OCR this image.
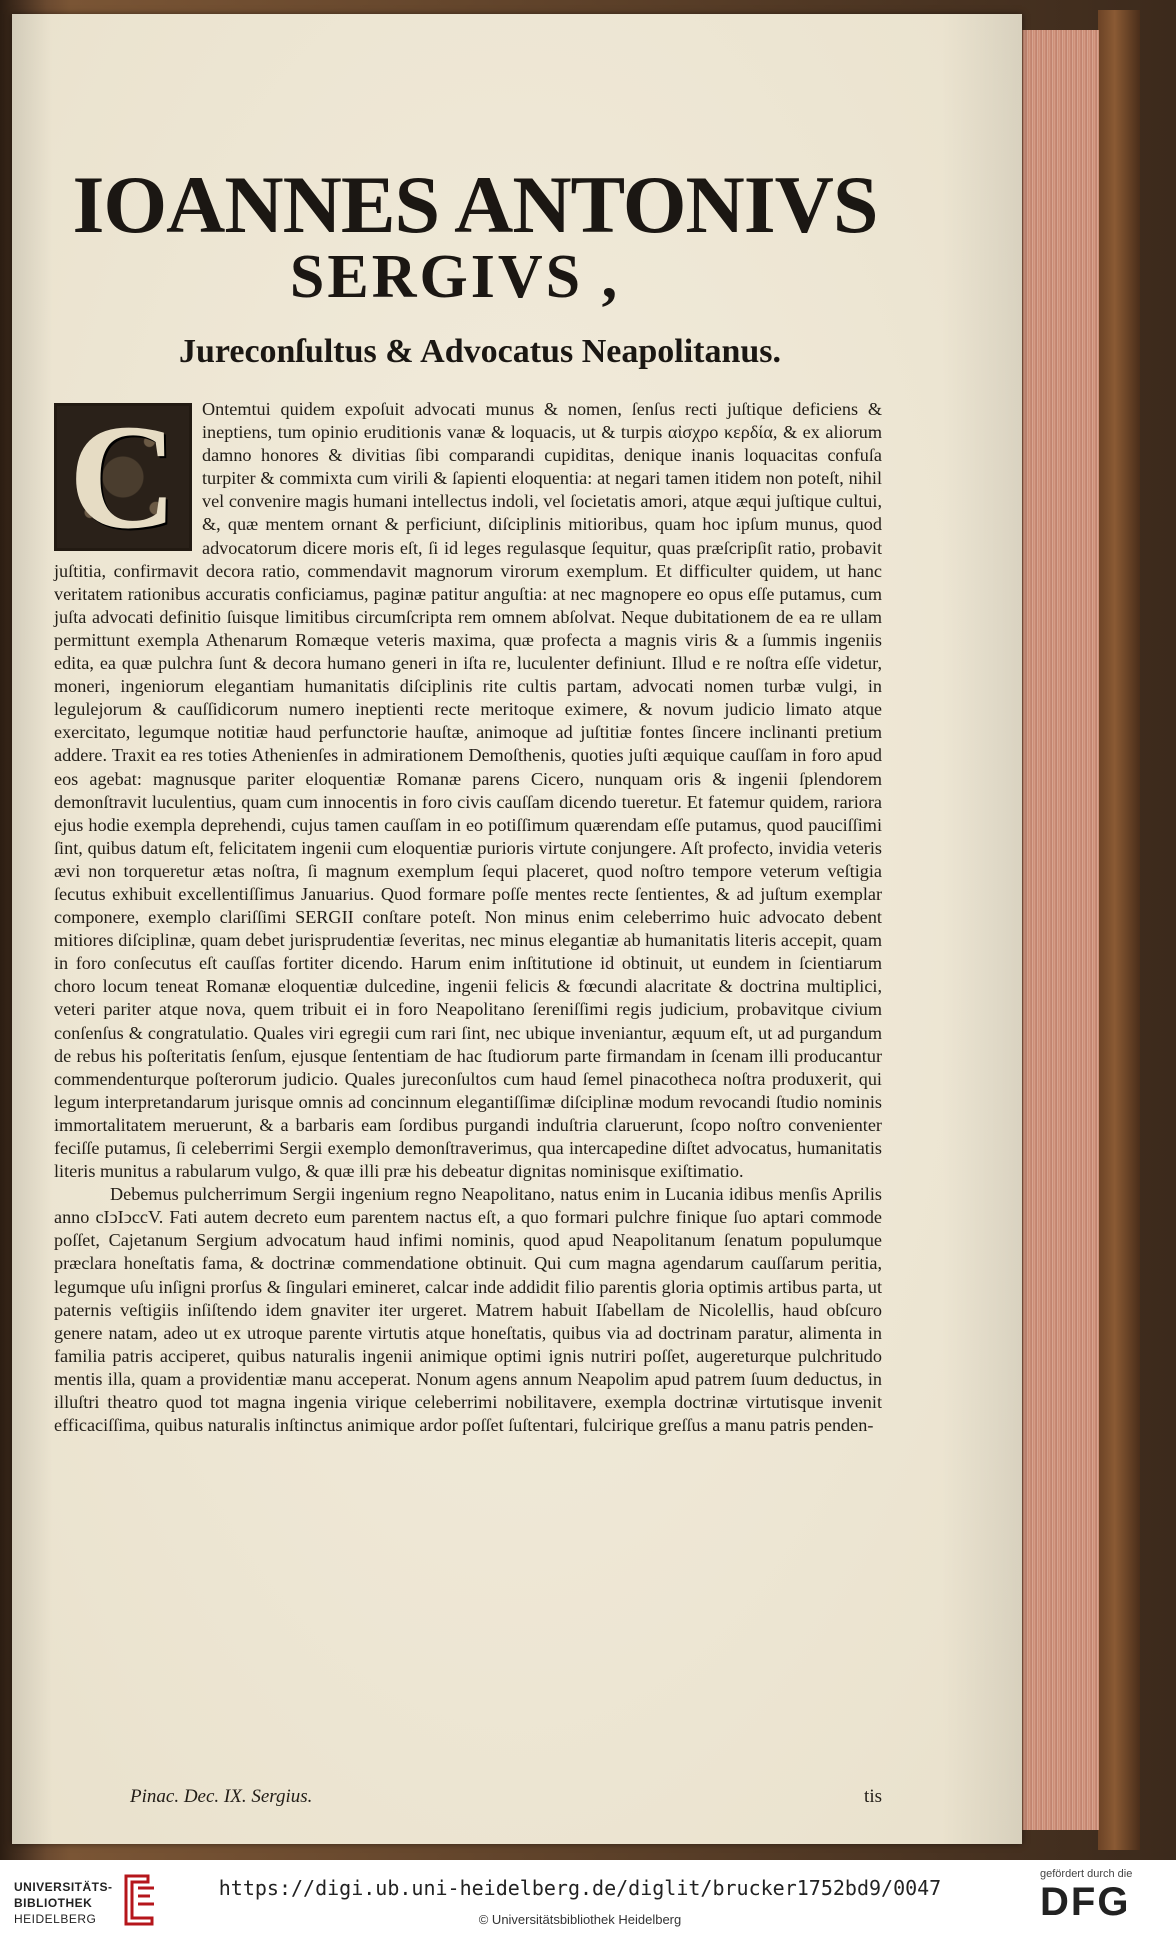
IOANNES ANTONIVS
SERGIVS ,
Jureconſultus & Advocatus Neapolitanus.

Ontemtui quidem expoſuit advocati munus & nomen, ſenſus recti juſtique deficiens & ineptiens, tum opinio eruditionis vanæ & loquacis, ut & turpis αἰσχρο κερδία, & ex aliorum damno honores & divitias ſibi comparandi cupiditas, denique inanis loquacitas confuſa turpiter & commixta cum virili & ſapienti eloquentia: at negari tamen itidem non poteſt, nihil vel convenire magis humani intellectus indoli, vel ſocietatis amori, atque æqui juſtique cultui, &, quæ mentem ornant & perficiunt, diſciplinis mitioribus, quam hoc ipſum munus, quod advocatorum dicere moris eſt, ſi id leges regulasque ſequitur, quas præſcripſit ratio, probavit juſtitia, confirmavit decora ratio, commendavit magnorum virorum exemplum. Et difficulter quidem, ut hanc veritatem rationibus accuratis conficiamus, paginæ patitur anguſtia: at nec magnopere eo opus eſſe putamus, cum juſta advocati definitio ſuisque limitibus circumſcripta rem omnem abſolvat. Neque dubitationem de ea re ullam permittunt exempla Athenarum Romæque veteris maxima, quæ profecta a magnis viris & a ſummis ingeniis edita, ea quæ pulchra ſunt & decora humano generi in iſta re, luculenter definiunt. Illud e re noſtra eſſe videtur, moneri, ingeniorum elegantiam humanitatis diſciplinis rite cultis partam, advocati nomen turbæ vulgi, in legulejorum & cauſſidicorum numero ineptienti recte meritoque eximere, & novum judicio limato atque exercitato, legumque notitiæ haud perfunctorie hauſtæ, animoque ad juſtitiæ fontes ſincere inclinanti pretium addere. Traxit ea res toties Athenienſes in admirationem Demoſthenis, quoties juſti æquique cauſſam in foro apud eos agebat: magnusque pariter eloquentiæ Romanæ parens Cicero, nunquam oris & ingenii ſplendorem demonſtravit luculentius, quam cum innocentis in foro civis cauſſam dicendo tueretur. Et fatemur quidem, rariora ejus hodie exempla deprehendi, cujus tamen cauſſam in eo potiſſimum quærendam eſſe putamus, quod pauciſſimi ſint, quibus datum eſt, felicitatem ingenii cum eloquentiæ purioris virtute conjungere. Aſt profecto, invidia veteris ævi non torqueretur ætas noſtra, ſi magnum exemplum ſequi placeret, quod noſtro tempore veterum veſtigia ſecutus exhibuit excellentiſſimus Januarius. Quod formare poſſe mentes recte ſentientes, & ad juſtum exemplar componere, exemplo clariſſimi SERGII conſtare poteſt. Non minus enim celeberrimo huic advocato debent mitiores diſciplinæ, quam debet jurisprudentiæ ſeveritas, nec minus elegantiæ ab humanitatis literis accepit, quam in foro conſecutus eſt cauſſas fortiter dicendo. Harum enim inſtitutione id obtinuit, ut eundem in ſcientiarum choro locum teneat Romanæ eloquentiæ dulcedine, ingenii felicis & fœcundi alacritate & doctrina multiplici, veteri pariter atque nova, quem tribuit ei in foro Neapolitano ſereniſſimi regis judicium, probavitque civium conſenſus & congratulatio. Quales viri egregii cum rari ſint, nec ubique inveniantur, æquum eſt, ut ad purgandum de rebus his poſteritatis ſenſum, ejusque ſententiam de hac ſtudiorum parte firmandam in ſcenam illi producantur commendenturque poſterorum judicio. Quales jureconſultos cum haud ſemel pinacotheca noſtra produxerit, qui legum interpretandarum jurisque omnis ad concinnum elegantiſſimæ diſciplinæ modum revocandi ſtudio nominis immortalitatem meruerunt, & a barbaris eam ſordibus purgandi induſtria claruerunt, ſcopo noſtro convenienter feciſſe putamus, ſi celeberrimi Sergii exemplo demonſtraverimus, qua intercapedine diſtet advocatus, humanitatis literis munitus a rabularum vulgo, & quæ illi præ his debeatur dignitas nominisque exiſtimatio.

Debemus pulcherrimum Sergii ingenium regno Neapolitano, natus enim in Lucania idibus menſis Aprilis anno cIↄIↄccV. Fati autem decreto eum parentem nactus eſt, a quo formari pulchre finique ſuo aptari commode poſſet, Cajetanum Sergium advocatum haud infimi nominis, quod apud Neapolitanum ſenatum populumque præclara honeſtatis fama, & doctrinæ commendatione obtinuit. Qui cum magna agendarum cauſſarum peritia, legumque uſu inſigni prorſus & ſingulari emineret, calcar inde addidit filio parentis gloria optimis artibus parta, ut paternis veſtigiis inſiſtendo idem gnaviter iter urgeret. Matrem habuit Iſabellam de Nicolellis, haud obſcuro genere natam, adeo ut ex utroque parente virtutis atque honeſtatis, quibus via ad doctrinam paratur, alimenta in familia patris acciperet, quibus naturalis ingenii animique optimi ignis nutriri poſſet, augereturque pulchritudo mentis illa, quam a providentiæ manu acceperat. Nonum agens annum Neapolim apud patrem ſuum deductus, in illuſtri theatro quod tot magna ingenia virique celeberrimi nobilitavere, exempla doctrinæ virtutisque invenit efficaciſſima, quibus naturalis inſtinctus animique ardor poſſet ſuſtentari, fulcirique greſſus a manu patris penden-

C
Pinac. Dec. IX. Sergius.	tis
UNIVERSITÄTS-
BIBLIOTHEK
HEIDELBERG
https://digi.ub.uni-heidelberg.de/diglit/brucker1752bd9/0047
© Universitätsbibliothek Heidelberg
gefördert durch die
DFG
